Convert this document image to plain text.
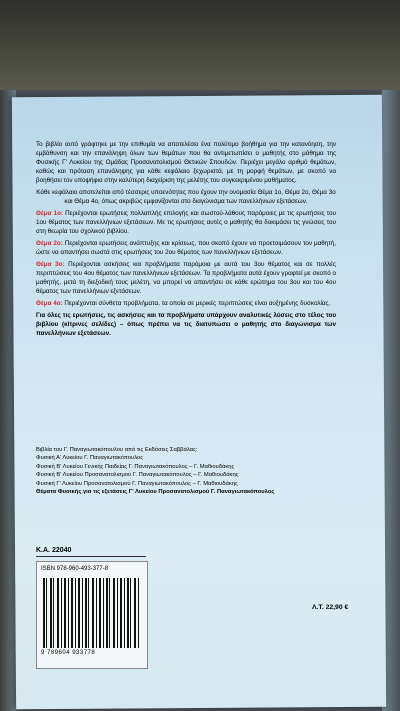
Το βιβλίο αυτό γράφτηκε με την επιθυμία να αποτελέσει ένα πολύτιμο βοήθημα για την κατανόηση, την εμβάθυνση και την επανάληψη όλων των θεμάτων που θα αντιμετωπίσει ο μαθητής στο μάθημα της Φυσικής Γ' Λυκείου της Ομάδας Προσανατολισμού Θετικών Σπουδών. Περιέχει μεγάλο αριθμό θεμάτων, καθώς και πρόταση επανάληψης για κάθε κεφάλαιο ξεχωριστά, με τη μορφή θεμάτων, με σκοπό να βοηθήσει τον υποψήφιο στην καλύτερη διαχείριση της μελέτης του συγκεκριμένου μαθήματος.

Κάθε κεφάλαιο αποτελείται από τέσσερις υποενότητες που έχουν την ονομασία Θέμα 1ο, Θέμα 2ο, Θέμα 3ο και Θέμα 4ο, όπως ακριβώς εμφανίζονται στο διαγώνισμα των πανελλήνιων εξετάσεων.

Θέμα 1ο: Περιέχονται ερωτήσεις πολλαπλής επιλογής και σωστού-λάθους παρόμοιες με τις ερωτήσεις του 1ου θέματος των πανελλήνιων εξετάσεων. Με τις ερωτήσεις αυτές ο μαθητής θα δοκιμάσει τις γνώσεις του στη θεωρία του σχολικού βιβλίου.

Θέμα 2ο: Περιέχονται ερωτήσεις ανάπτυξης και κρίσεως, που σκοπό έχουν να προετοιμάσουν τον μαθητή, ώστε να απαντήσει σωστά στις ερωτήσεις του 2ου θέματος των πανελλήνιων εξετάσεων.

Θέμα 3ο: Περιέχονται ασκήσεις και προβλήματα παρόμοια με αυτά του 3ου θέματος και σε πολλές περιπτώσεις του 4ου θέματος των πανελλήνιων εξετάσεων. Τα προβλήματα αυτά έχουν γραφτεί με σκοπό ο μαθητής, μετά τη διεξοδική τους μελέτη, να μπορεί να απαντήσει σε κάθε ερώτημα του 3ου και του 4ου θέματος των πανελλήνιων εξετάσεων.

Θέμα 4ο: Περιέχονται σύνθετα προβλήματα, τα οποία σε μερικές περιπτώσεις είναι αυξημένης δυσκολίας.

Για όλες τις ερωτήσεις, τις ασκήσεις και τα προβλήματα υπάρχουν αναλυτικές λύσεις στο τέλος του βιβλίου (κίτρινες σελίδες) – όπως πρέπει να τις διατυπώσει ο μαθητής στο διαγώνισμα των πανελλήνιων εξετάσεων.

Βιβλία του Γ. Παναγιωτακόπουλου από τις Εκδόσεις Σαββάλας:
Φυσική Α' Λυκείου Γ. Παναγιωτακόπουλος
Φυσική Β' Λυκείου Γενικής Παιδείας Γ. Παναγιωτακόπουλος – Γ. Μαθιουδάκης
Φυσική Β' Λυκείου Προσανατολισμού Γ. Παναγιωτακόπουλος – Γ. Μαθιουδάκης
Φυσική Γ' Λυκείου Προσανατολισμού Γ. Παναγιωτακόπουλος – Γ. Μαθιουδάκης
Θέματα Φυσικής για τις εξετάσεις Γ' Λυκείου Προσανατολισμού Γ. Παναγιωτακόπουλος
Κ.Α. 22040
ISBN 978-960-493-377-8
9 789604 933778
Λ.Τ. 22,90 €
